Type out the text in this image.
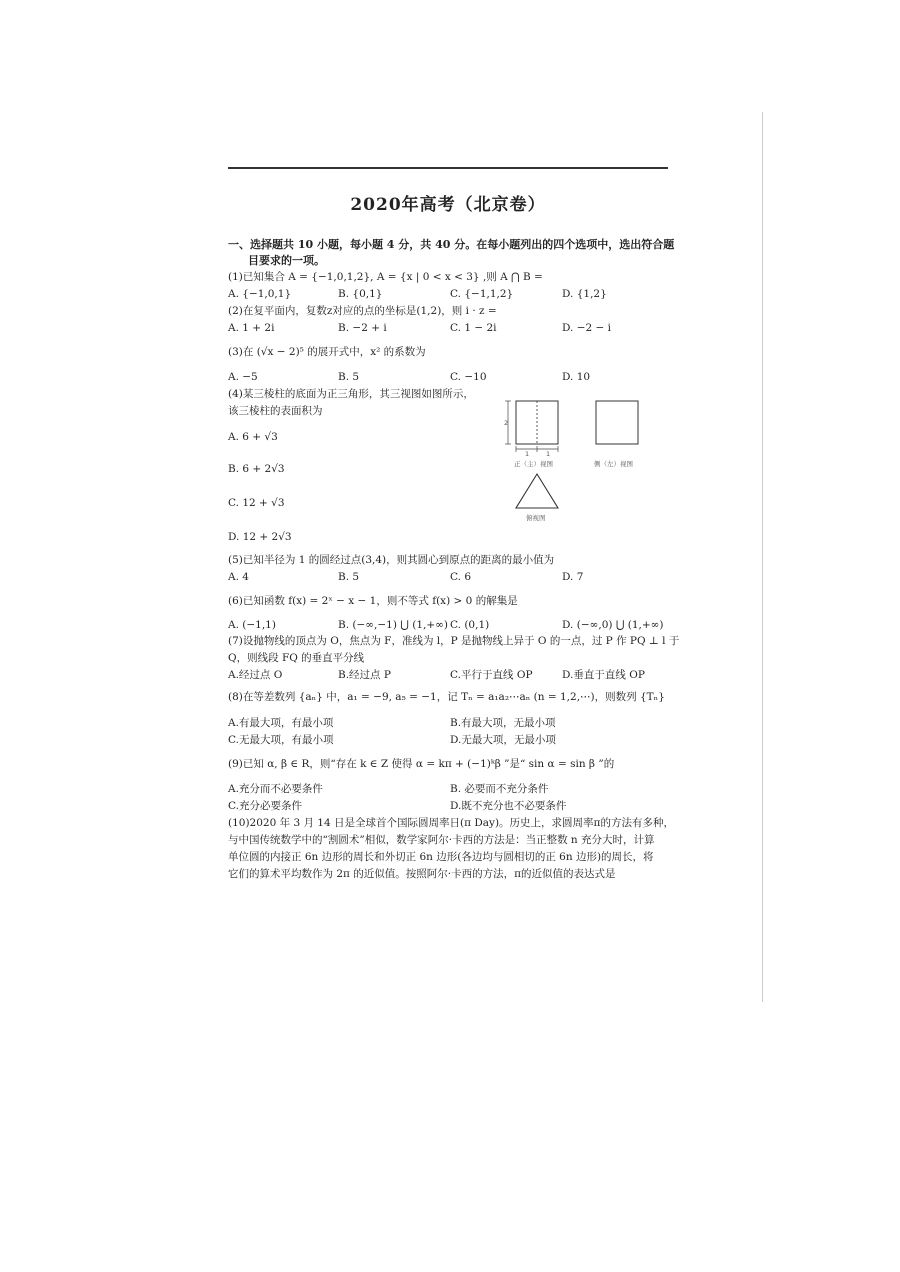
2020年高考（北京卷）
一、选择题共 10 小题，每小题 4 分，共 40 分。在每小题列出的四个选项中，选出符合题
目要求的一项。
(1)已知集合 A = {−1,0,1,2}, A = {x | 0 < x < 3} ,则 A ⋂ B =
A. {−1,0,1}	B. {0,1}	C. {−1,1,2}	D. {1,2}
(2)在复平面内，复数z对应的点的坐标是(1,2)，则 i · z =
A. 1 + 2i	B. −2 + i	C. 1 − 2i	D. −2 − i
(3)在 (√x − 2)⁵ 的展开式中，x² 的系数为
A. −5	B. 5	C. −10	D. 10
(4)某三棱柱的底面为正三角形，其三视图如图所示，
该三棱柱的表面积为
A. 6 + √3
B. 6 + 2√3
C. 12 + √3
D. 12 + 2√3
2
1	1
正（主）视图	侧（左）视图
俯视图
(5)已知半径为 1 的圆经过点(3,4)，则其圆心到原点的距离的最小值为
A. 4	B. 5	C. 6	D. 7
(6)已知函数 f(x) = 2ˣ − x − 1，则不等式 f(x) > 0 的解集是
A. (−1,1)	B. (−∞,−1) ⋃ (1,+∞) C. (0,1)	D. (−∞,0) ⋃ (1,+∞)
(7)设抛物线的顶点为 O，焦点为 F，准线为 l，P 是抛物线上异于 O 的一点，过 P 作 PQ ⊥ l 于
Q，则线段 FQ 的垂直平分线
A.经过点 O	B.经过点 P	C.平行于直线 OP	D.垂直于直线 OP
(8)在等差数列 {aₙ} 中，a₁ = −9, a₅ = −1，记 Tₙ = a₁a₂⋯aₙ (n = 1,2,⋯)，则数列 {Tₙ}
A.有最大项，有最小项	B.有最大项，无最小项
C.无最大项，有最小项	D.无最大项，无最小项
(9)已知 α, β ∈ R，则“存在 k ∈ Z 使得 α = kπ + (−1)ᵏβ ”是“ sin α = sin β ”的
A.充分而不必要条件	B. 必要而不充分条件
C.充分必要条件	D.既不充分也不必要条件
(10)2020 年 3 月 14 日是全球首个国际圆周率日(π Day)。历史上，求圆周率π的方法有多种，
与中国传统数学中的“割圆术”相似，数学家阿尔·卡西的方法是：当正整数 n 充分大时，计算
单位圆的内接正 6n 边形的周长和外切正 6n 边形(各边均与圆相切的正 6n 边形)的周长，将
它们的算术平均数作为 2π 的近似值。按照阿尔·卡西的方法，π的近似值的表达式是
